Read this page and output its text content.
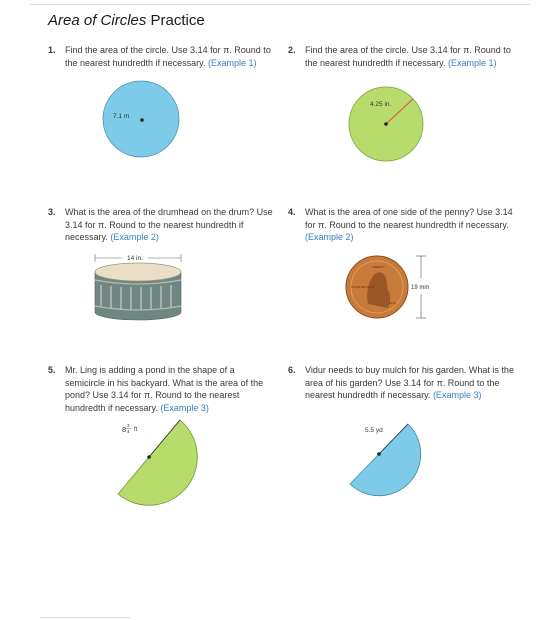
Area of Circles Practice
1. Find the area of the circle. Use 3.14 for π. Round to the nearest hundredth if necessary. (Example 1)
7.1 m
2. Find the area of the circle. Use 3.14 for π. Round to the nearest hundredth if necessary. (Example 1)
4.25 in.
3. What is the area of the drumhead on the drum? Use 3.14 for π. Round to the nearest hundredth if necessary. (Example 2)
14 in.
4. What is the area of one side of the penny? Use 3.14 for π. Round to the nearest hundredth if necessary. (Example 2)
LIBERTY
IN GOD WE TRUST
2019
19 mm
5. Mr. Ling is adding a pond in the shape of a semicircle in his backyard. What is the area of the pond? Use 3.14 for π. Round to the nearest hundredth if necessary. (Example 3)
8 3
4 ft
6. Vidur needs to buy mulch for his garden. What is the area of his garden? Use 3.14 for π. Round to the nearest hundredth if necessary. (Example 3)
5.5 yd
